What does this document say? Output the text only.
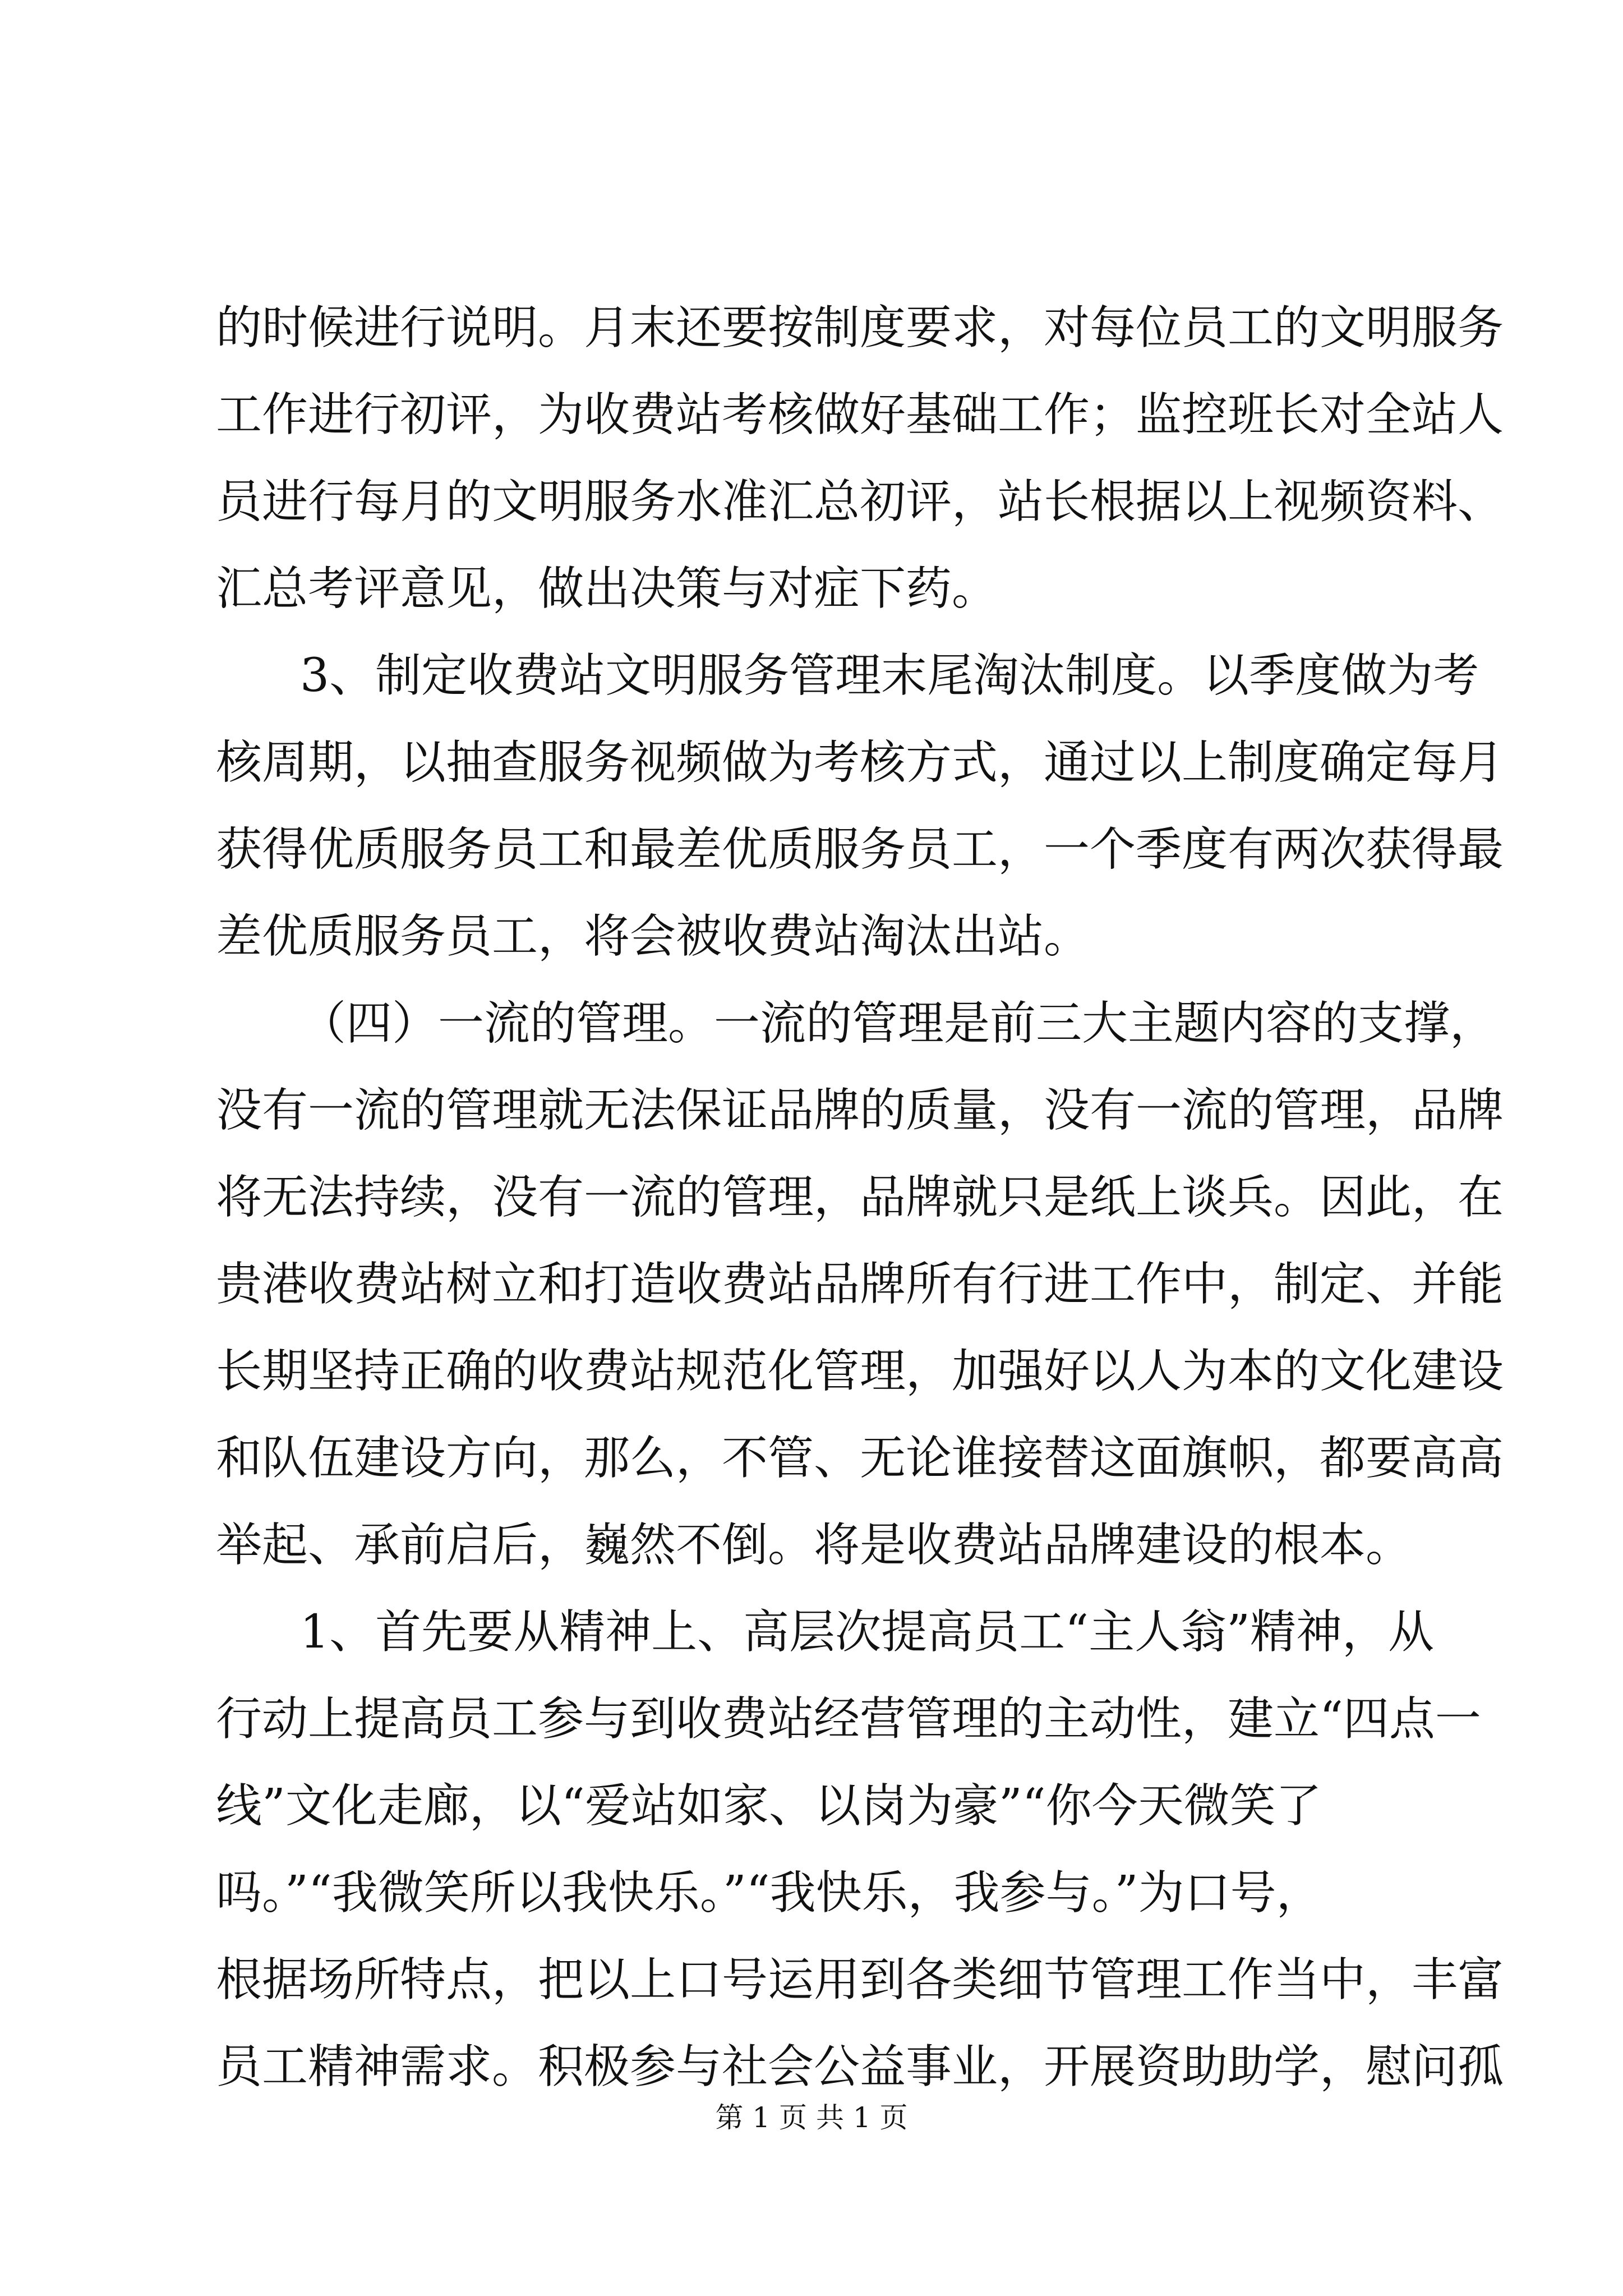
的时候进行说明。月末还要按制度要求，对每位员工的文明服务
工作进行初评，为收费站考核做好基础工作；监控班长对全站人
员进行每月的文明服务水准汇总初评，站长根据以上视频资料、
汇总考评意见，做出决策与对症下药。
3、制定收费站文明服务管理末尾淘汰制度。以季度做为考
核周期，以抽查服务视频做为考核方式，通过以上制度确定每月
获得优质服务员工和最差优质服务员工，一个季度有两次获得最
差优质服务员工，将会被收费站淘汰出站。
（四）一流的管理。一流的管理是前三大主题内容的支撑，
没有一流的管理就无法保证品牌的质量，没有一流的管理，品牌
将无法持续，没有一流的管理，品牌就只是纸上谈兵。因此，在
贵港收费站树立和打造收费站品牌所有行进工作中，制定、并能
长期坚持正确的收费站规范化管理，加强好以人为本的文化建设
和队伍建设方向，那么，不管、无论谁接替这面旗帜，都要高高
举起、承前启后，巍然不倒。将是收费站品牌建设的根本。
1、首先要从精神上、高层次提高员工“主人翁”精神，从
行动上提高员工参与到收费站经营管理的主动性，建立“四点一
线”文化走廊，以“爱站如家、以岗为豪”“你今天微笑了
吗。”“我微笑所以我快乐。”“我快乐，我参与。”为口号，
根据场所特点，把以上口号运用到各类细节管理工作当中，丰富
员工精神需求。积极参与社会公益事业，开展资助助学，慰问孤
第 1 页 共 1 页
